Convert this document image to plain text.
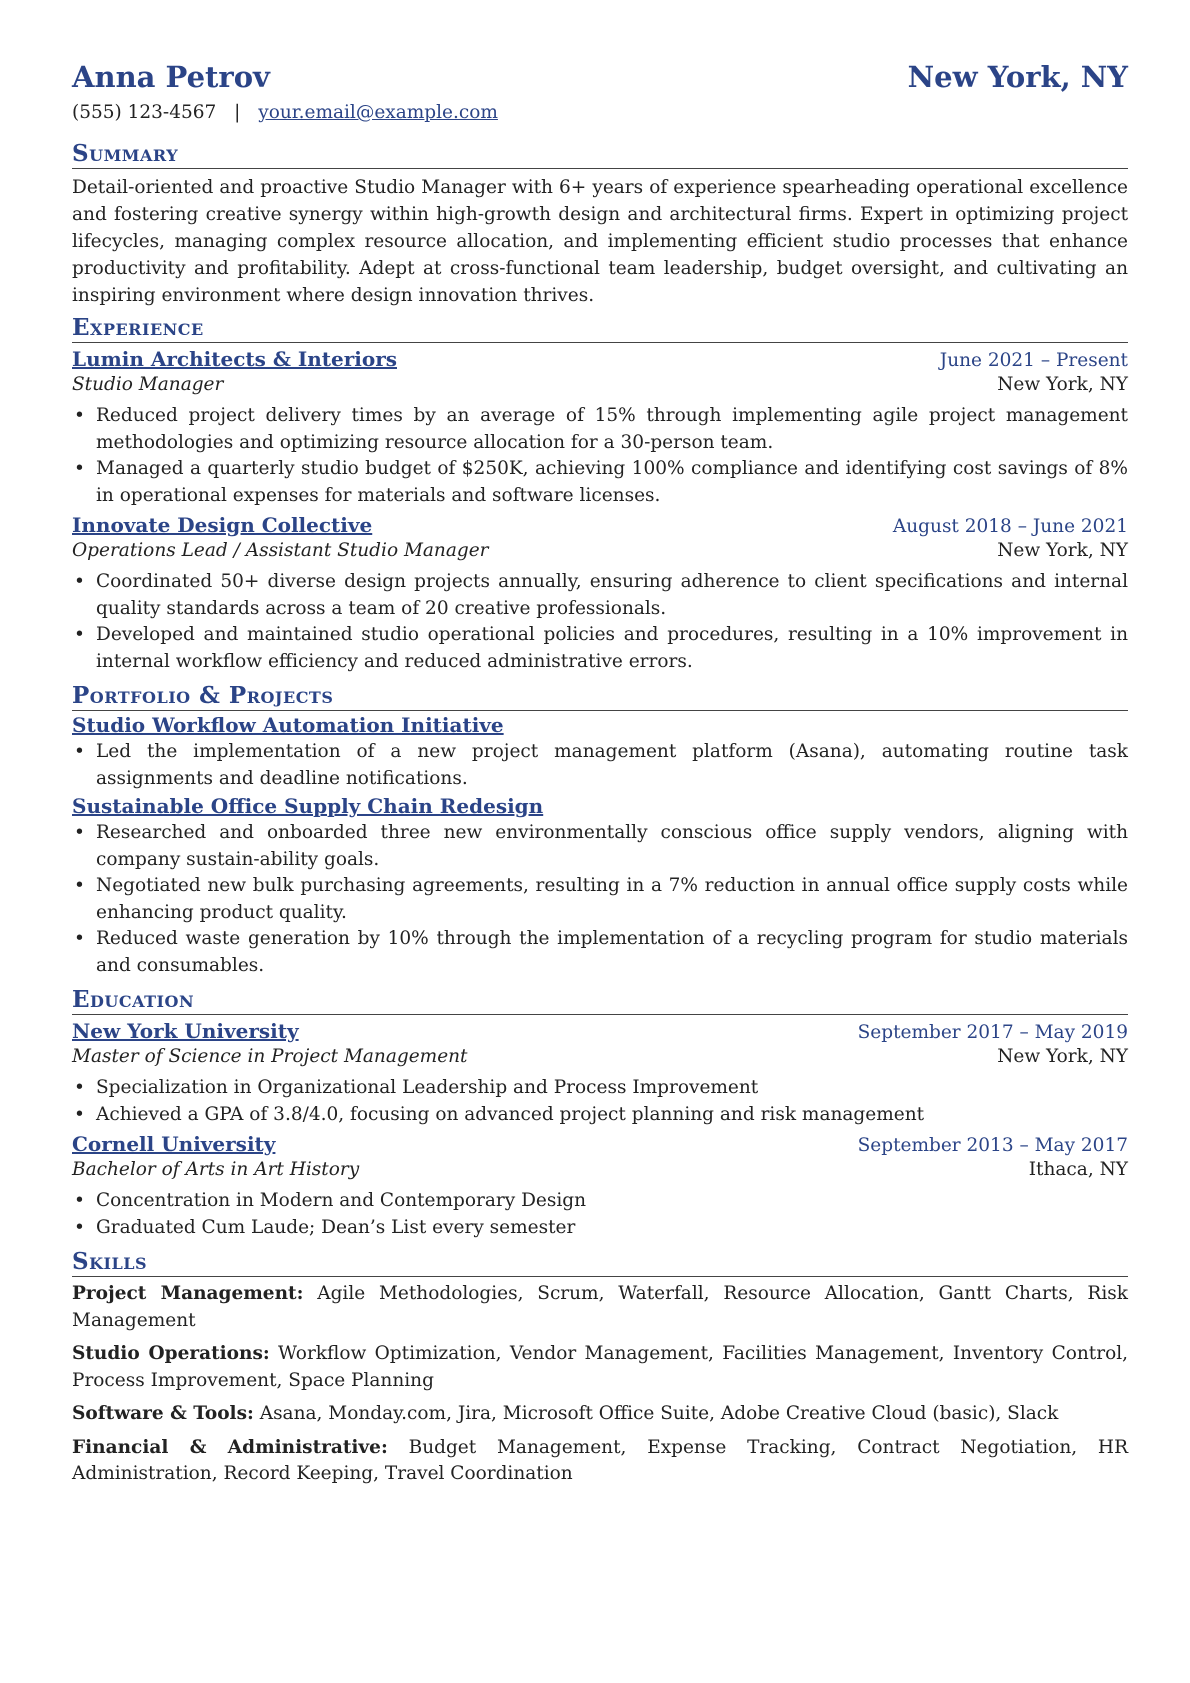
Anna Petrov	New York, NY
(555) 123-4567 | your.email@example.com
Summary
Detail-oriented and proactive Studio Manager with 6+ years of experience spearheading operational excellence and fostering creative synergy within high-growth design and architectural firms. Expert in optimizing project lifecycles, managing complex resource allocation, and implementing efficient studio processes that enhance productivity and profitability. Adept at cross-functional team leadership, budget oversight, and cultivating an inspiring environment where design innovation thrives.
Experience
Lumin Architects & Interiors	June 2021 – Present
Studio Manager	New York, NY
• Reduced project delivery times by an average of 15% through implementing agile project management methodologies and optimizing resource allocation for a 30-person team.
• Managed a quarterly studio budget of $250K, achieving 100% compliance and identifying cost savings of 8% in operational expenses for materials and software licenses.
Innovate Design Collective	August 2018 – June 2021
Operations Lead / Assistant Studio Manager	New York, NY
• Coordinated 50+ diverse design projects annually, ensuring adherence to client specifications and internal quality standards across a team of 20 creative professionals.
• Developed and maintained studio operational policies and procedures, resulting in a 10% improvement in internal workflow efficiency and reduced administrative errors.
Portfolio & Projects
Studio Workflow Automation Initiative
• Led the implementation of a new project management platform (Asana), automating routine task assignments and deadline notifications.
Sustainable Office Supply Chain Redesign
• Researched and onboarded three new environmentally conscious office supply vendors, aligning with company sustain-ability goals.
• Negotiated new bulk purchasing agreements, resulting in a 7% reduction in annual office supply costs while enhancing product quality.
• Reduced waste generation by 10% through the implementation of a recycling program for studio materials and consumables.
Education
New York University	September 2017 – May 2019
Master of Science in Project Management	New York, NY
• Specialization in Organizational Leadership and Process Improvement
• Achieved a GPA of 3.8/4.0, focusing on advanced project planning and risk management
Cornell University	September 2013 – May 2017
Bachelor of Arts in Art History	Ithaca, NY
• Concentration in Modern and Contemporary Design
• Graduated Cum Laude; Dean’s List every semester
Skills
Project Management: Agile Methodologies, Scrum, Waterfall, Resource Allocation, Gantt Charts, Risk Management
Studio Operations: Workflow Optimization, Vendor Management, Facilities Management, Inventory Control, Process Improvement, Space Planning
Software & Tools: Asana, Monday.com, Jira, Microsoft Office Suite, Adobe Creative Cloud (basic), Slack
Financial & Administrative: Budget Management, Expense Tracking, Contract Negotiation, HR Administration, Record Keeping, Travel Coordination
